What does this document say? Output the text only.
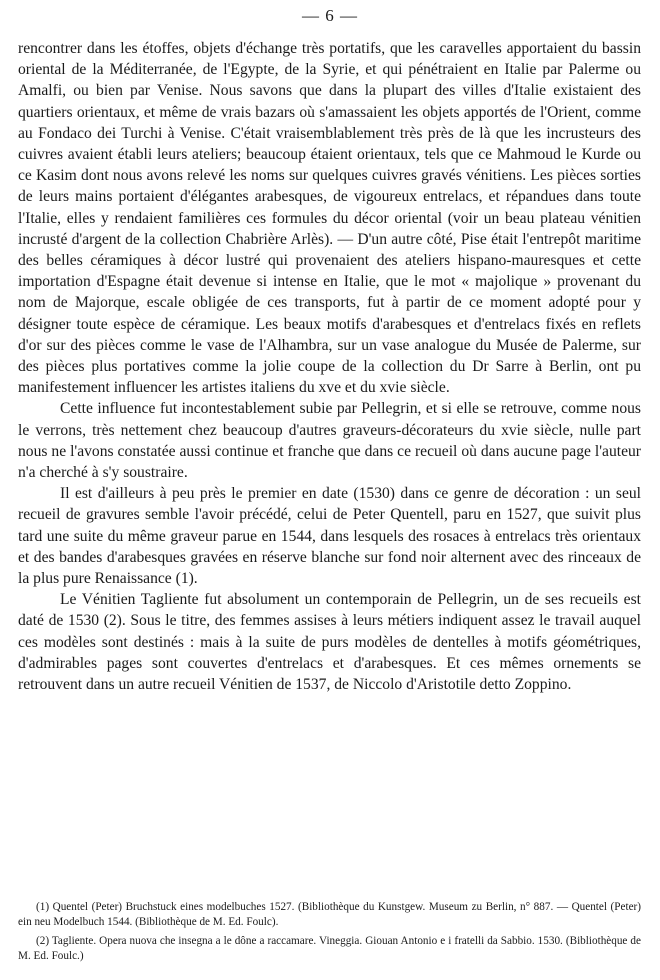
— 6 —

rencontrer dans les étoffes, objets d'échange très portatifs, que les caravelles apportaient du bassin oriental de la Méditerranée, de l'Egypte, de la Syrie, et qui pénétraient en Italie par Palerme ou Amalfi, ou bien par Venise. Nous savons que dans la plupart des villes d'Italie existaient des quartiers orientaux, et même de vrais bazars où s'amassaient les objets apportés de l'Orient, comme au Fondaco dei Turchi à Venise. C'était vraisemblablement très près de là que les incrusteurs des cuivres avaient établi leurs ateliers; beaucoup étaient orientaux, tels que ce Mahmoud le Kurde ou ce Kasim dont nous avons relevé les noms sur quelques cuivres gravés vénitiens. Les pièces sorties de leurs mains portaient d'élégantes arabesques, de vigoureux entrelacs, et répandues dans toute l'Italie, elles y rendaient familières ces formules du décor oriental (voir un beau plateau vénitien incrusté d'argent de la collection Chabrière Arlès). — D'un autre côté, Pise était l'entrepôt maritime des belles céramiques à décor lustré qui provenaient des ateliers hispano-mauresques et cette importation d'Espagne était devenue si intense en Italie, que le mot « majolique » provenant du nom de Majorque, escale obligée de ces transports, fut à partir de ce moment adopté pour y désigner toute espèce de céramique. Les beaux motifs d'arabesques et d'entrelacs fixés en reflets d'or sur des pièces comme le vase de l'Alhambra, sur un vase analogue du Musée de Palerme, sur des pièces plus portatives comme la jolie coupe de la collection du Dr Sarre à Berlin, ont pu manifestement influencer les artistes italiens du xve et du xvie siècle.

Cette influence fut incontestablement subie par Pellegrin, et si elle se retrouve, comme nous le verrons, très nettement chez beaucoup d'autres graveurs-décorateurs du xvie siècle, nulle part nous ne l'avons constatée aussi continue et franche que dans ce recueil où dans aucune page l'auteur n'a cherché à s'y soustraire.

Il est d'ailleurs à peu près le premier en date (1530) dans ce genre de décoration : un seul recueil de gravures semble l'avoir précédé, celui de Peter Quentell, paru en 1527, que suivit plus tard une suite du même graveur parue en 1544, dans lesquels des rosaces à entrelacs très orientaux et des bandes d'arabesques gravées en réserve blanche sur fond noir alternent avec des rinceaux de la plus pure Renaissance (1).

Le Vénitien Tagliente fut absolument un contemporain de Pellegrin, un de ses recueils est daté de 1530 (2). Sous le titre, des femmes assises à leurs métiers indiquent assez le travail auquel ces modèles sont destinés : mais à la suite de purs modèles de dentelles à motifs géométriques, d'admirables pages sont couvertes d'entrelacs et d'arabesques. Et ces mêmes ornements se retrouvent dans un autre recueil Vénitien de 1537, de Niccolo d'Aristotile detto Zoppino.

(1) Quentel (Peter) Bruchstuck eines modelbuches 1527. (Bibliothèque du Kunstgew. Museum zu Berlin, n° 887. — Quentel (Peter) ein neu Modelbuch 1544. (Bibliothèque de M. Ed. Foulc).

(2) Tagliente. Opera nuova che insegna a le dône a raccamare. Vineggia. Giouan Antonio e i fratelli da Sabbio. 1530. (Bibliothèque de M. Ed. Foulc.)
